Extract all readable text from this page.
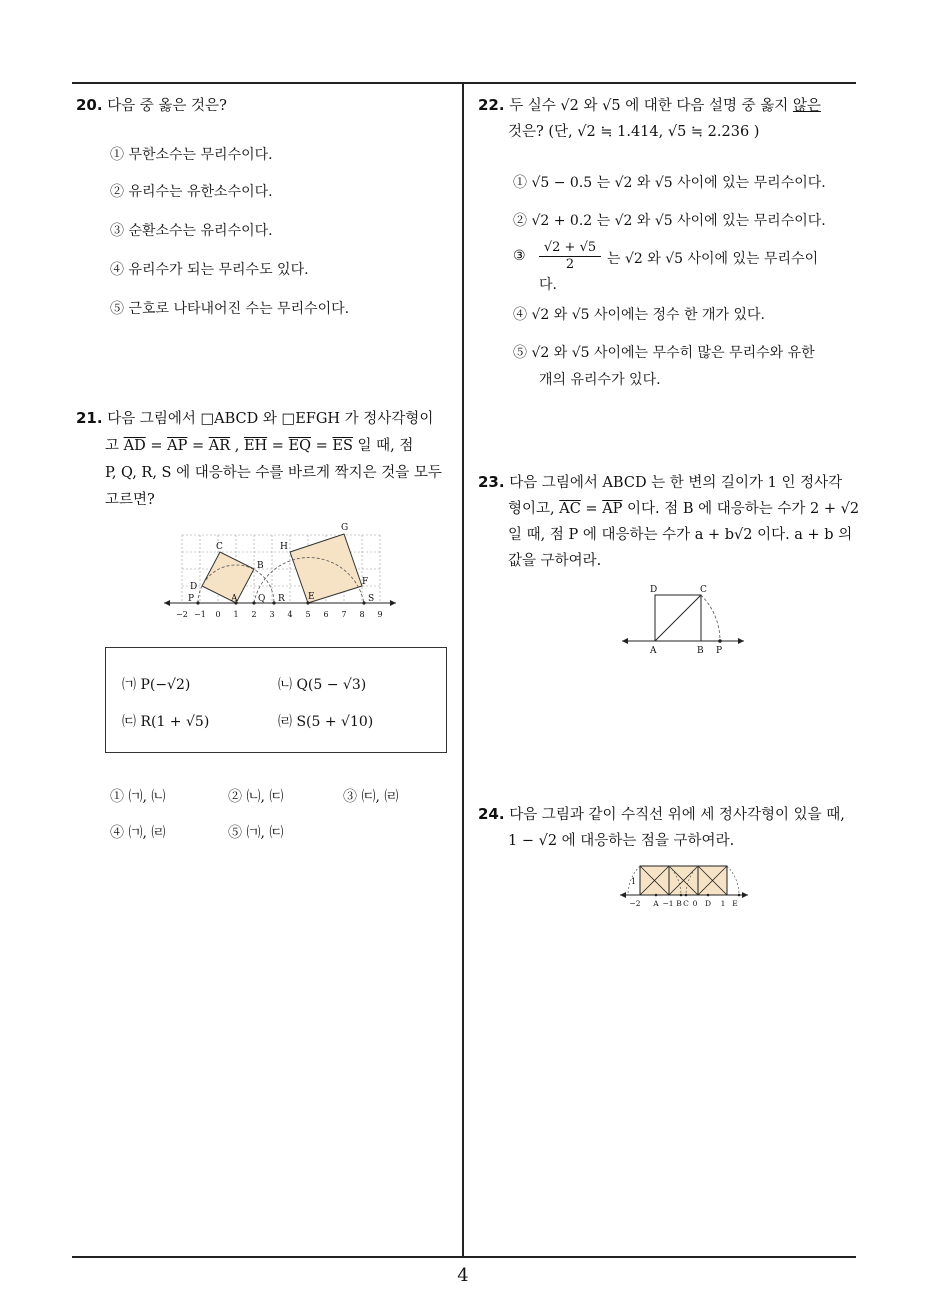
20. 다음 중 옳은 것은?
① 무한소수는 무리수이다.
② 유리수는 유한소수이다.
③ 순환소수는 유리수이다.
④ 유리수가 되는 무리수도 있다.
⑤ 근호로 나타내어진 수는 무리수이다.
21. 다음 그림에서 □ABCD 와 □EFGH 가 정사각형이
고 $\overline{AD} = \overline{AP} = \overline{AR}$ , $\overline{EH} = \overline{EQ} = \overline{ES}$ 일 때, 점
P, Q, R, S 에 대응하는 수를 바르게 짝지은 것을 모두
고르면?
−2 −1 0 1 2 3 4 5 6 7 8 9
C
B
D
P	A Q R
H
G
E
F
S
㈀ P(−√2)	㈁ Q(5 − √3)
㈂ R(1 + √5)	㈃ S(5 + √10)
① ㈀, ㈁	② ㈁, ㈂	③ ㈂, ㈃
④ ㈀, ㈃	⑤ ㈀, ㈂
22. 두 실수 √2 와 √5 에 대한 다음 설명 중 옳지 않은
것은? (단, √2 ≒ 1.414, √5 ≒ 2.236 )
① √5 − 0.5 는 √2 와 √5 사이에 있는 무리수이다.
② √2 + 0.2 는 √2 와 √5 사이에 있는 무리수이다.
③ $\frac{√2 + √5}{2}$ 는 √2 와 √5 사이에 있는 무리수이
다.
④ √2 와 √5 사이에는 정수 한 개가 있다.
⑤ √2 와 √5 사이에는 무수히 많은 무리수와 유한
개의 유리수가 있다.
23. 다음 그림에서 ABCD 는 한 변의 길이가 1 인 정사각
형이고, $\overline{AC} = \overline{AP}$ 이다. 점 B 에 대응하는 수가 2 + √2
일 때, 점 P 에 대응하는 수가 a + b√2 이다. a + b 의
값을 구하여라.
D	C
A	B P
24. 다음 그림과 같이 수직선 위에 세 정사각형이 있을 때,
1 − √2 에 대응하는 점을 구하여라.
1
−2 A −1 B C 0 D 1 E
4
